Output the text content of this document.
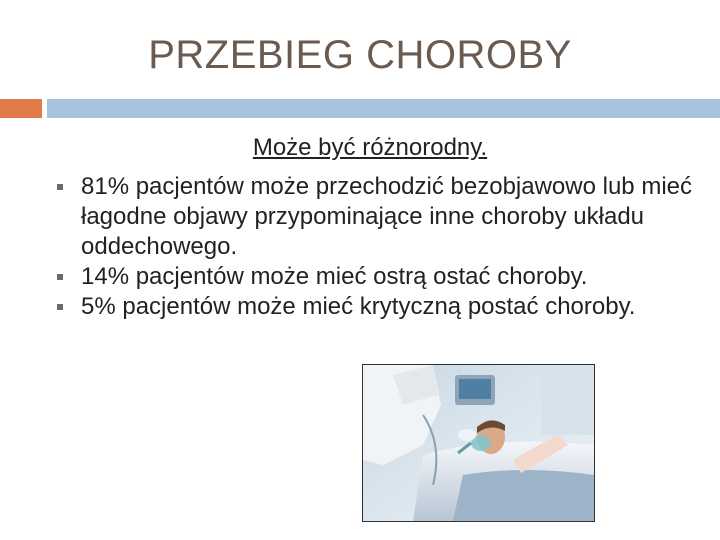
PRZEBIEG CHOROBY
Może być różnorodny.
81% pacjentów może przechodzić bezobjawowo lub mieć łagodne objawy przypominające inne choroby układu oddechowego.
14% pacjentów może mieć ostrą ostać choroby.
5% pacjentów może mieć krytyczną postać choroby.
